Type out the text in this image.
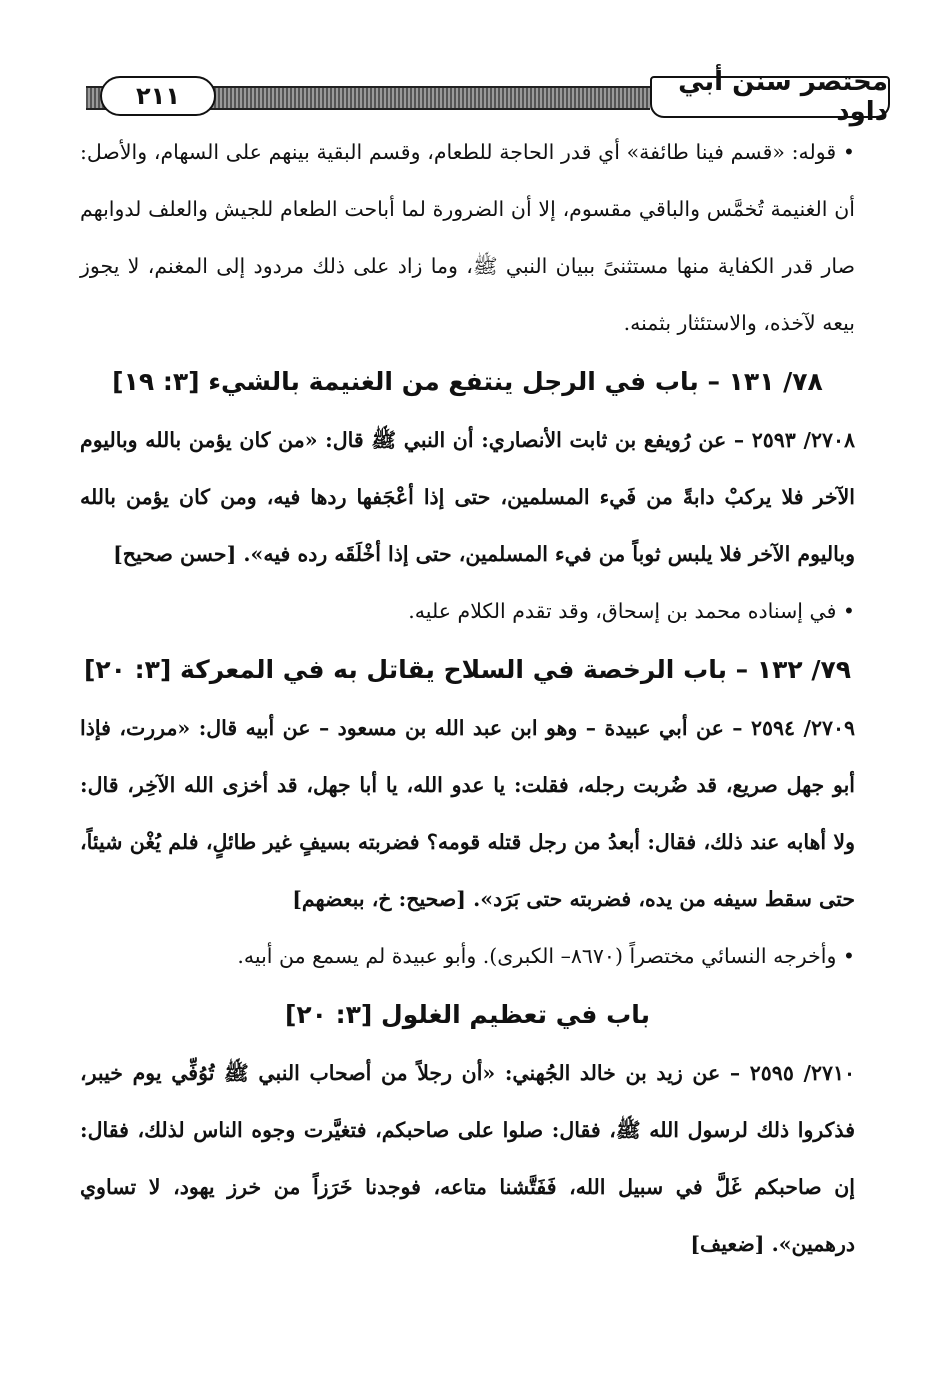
٢١١	مختصر سنن أبي داود

• قوله: «قسم فينا طائفة» أي قدر الحاجة للطعام، وقسم البقية بينهم على السهام، والأصل: أن الغنيمة تُخمَّس والباقي مقسوم، إلا أن الضرورة لما أباحت الطعام للجيش والعلف لدوابهم صار قدر الكفاية منها مستثنىً ببيان النبي ﷺ، وما زاد على ذلك مردود إلى المغنم، لا يجوز بيعه لآخذه، والاستئثار بثمنه.

٧٨/ ١٣١ – باب في الرجل ينتفع من الغنيمة بالشيء [٣: ١٩]

٢٧٠٨/ ٢٥٩٣ – عن رُويفع بن ثابت الأنصاري: أن النبي ﷺ قال: «من كان يؤمن بالله وباليوم الآخر فلا يركبْ دابةً من فَيء المسلمين، حتى إذا أعْجَفها ردها فيه، ومن كان يؤمن بالله وباليوم الآخر فلا يلبس ثوباً من فيء المسلمين، حتى إذا أخْلَقَه رده فيه». [حسن صحيح]

• في إسناده محمد بن إسحاق، وقد تقدم الكلام عليه.

٧٩/ ١٣٢ – باب الرخصة في السلاح يقاتل به في المعركة [٣: ٢٠]

٢٧٠٩/ ٢٥٩٤ – عن أبي عبيدة – وهو ابن عبد الله بن مسعود – عن أبيه قال: «مررت، فإذا أبو جهل صريع، قد ضُربت رجله، فقلت: يا عدو الله، يا أبا جهل، قد أخزى الله الآخِر، قال: ولا أهابه عند ذلك، فقال: أبعدُ من رجل قتله قومه؟ فضربته بسيفٍ غير طائلٍ، فلم يُغْن شيئاً، حتى سقط سيفه من يده، فضربته حتى بَرَد». [صحيح: خ، ببعضهم]

• وأخرجه النسائي مختصراً (٨٦٧٠– الكبرى). وأبو عبيدة لم يسمع من أبيه.

باب في تعظيم الغلول [٣: ٢٠]

٢٧١٠/ ٢٥٩٥ – عن زيد بن خالد الجُهني: «أن رجلاً من أصحاب النبي ﷺ تُوُفِّي يوم خيبر، فذكروا ذلك لرسول الله ﷺ، فقال: صلوا على صاحبكم، فتغيَّرت وجوه الناس لذلك، فقال: إن صاحبكم غَلَّ في سبيل الله، فَفَتَّشنا متاعه، فوجدنا خَرَزاً من خرز يهود، لا تساوي درهمين». [ضعيف]
